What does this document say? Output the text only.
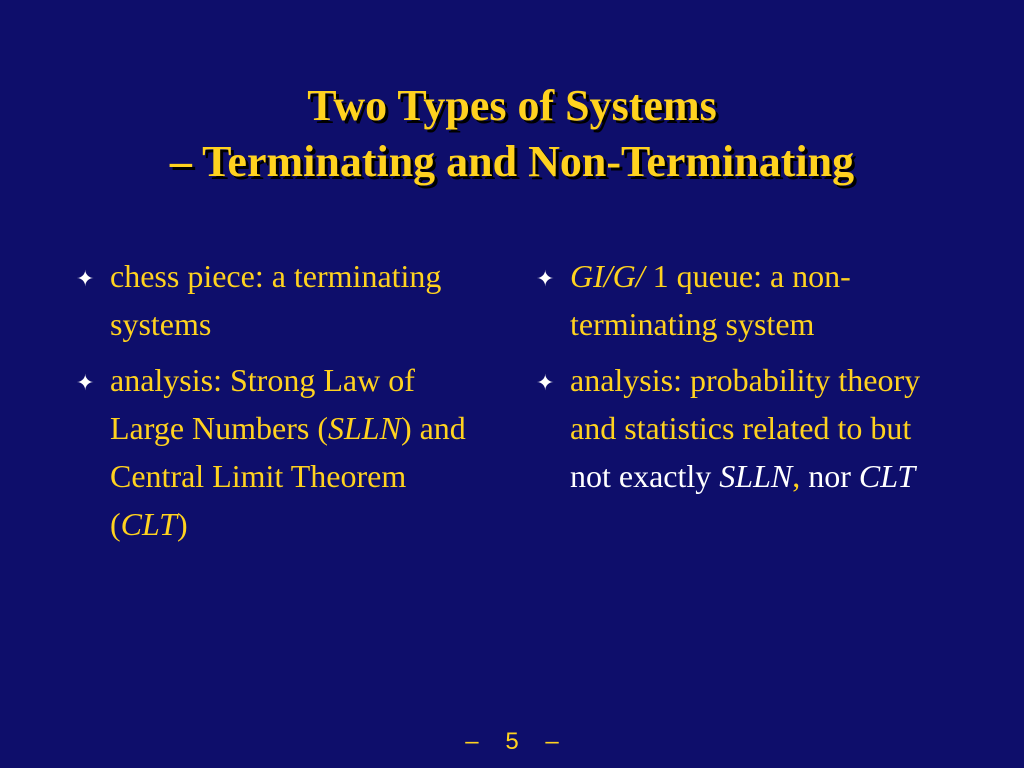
Two Types of Systems
– Terminating and Non-Terminating
✦ chess piece: a terminating systems
✦ analysis: Strong Law of Large Numbers (SLLN) and Central Limit Theorem (CLT)
✦ GI/G/ 1 queue: a non-terminating system
✦ analysis: probability theory and statistics related to but not exactly SLLN, nor CLT
– 5 –
